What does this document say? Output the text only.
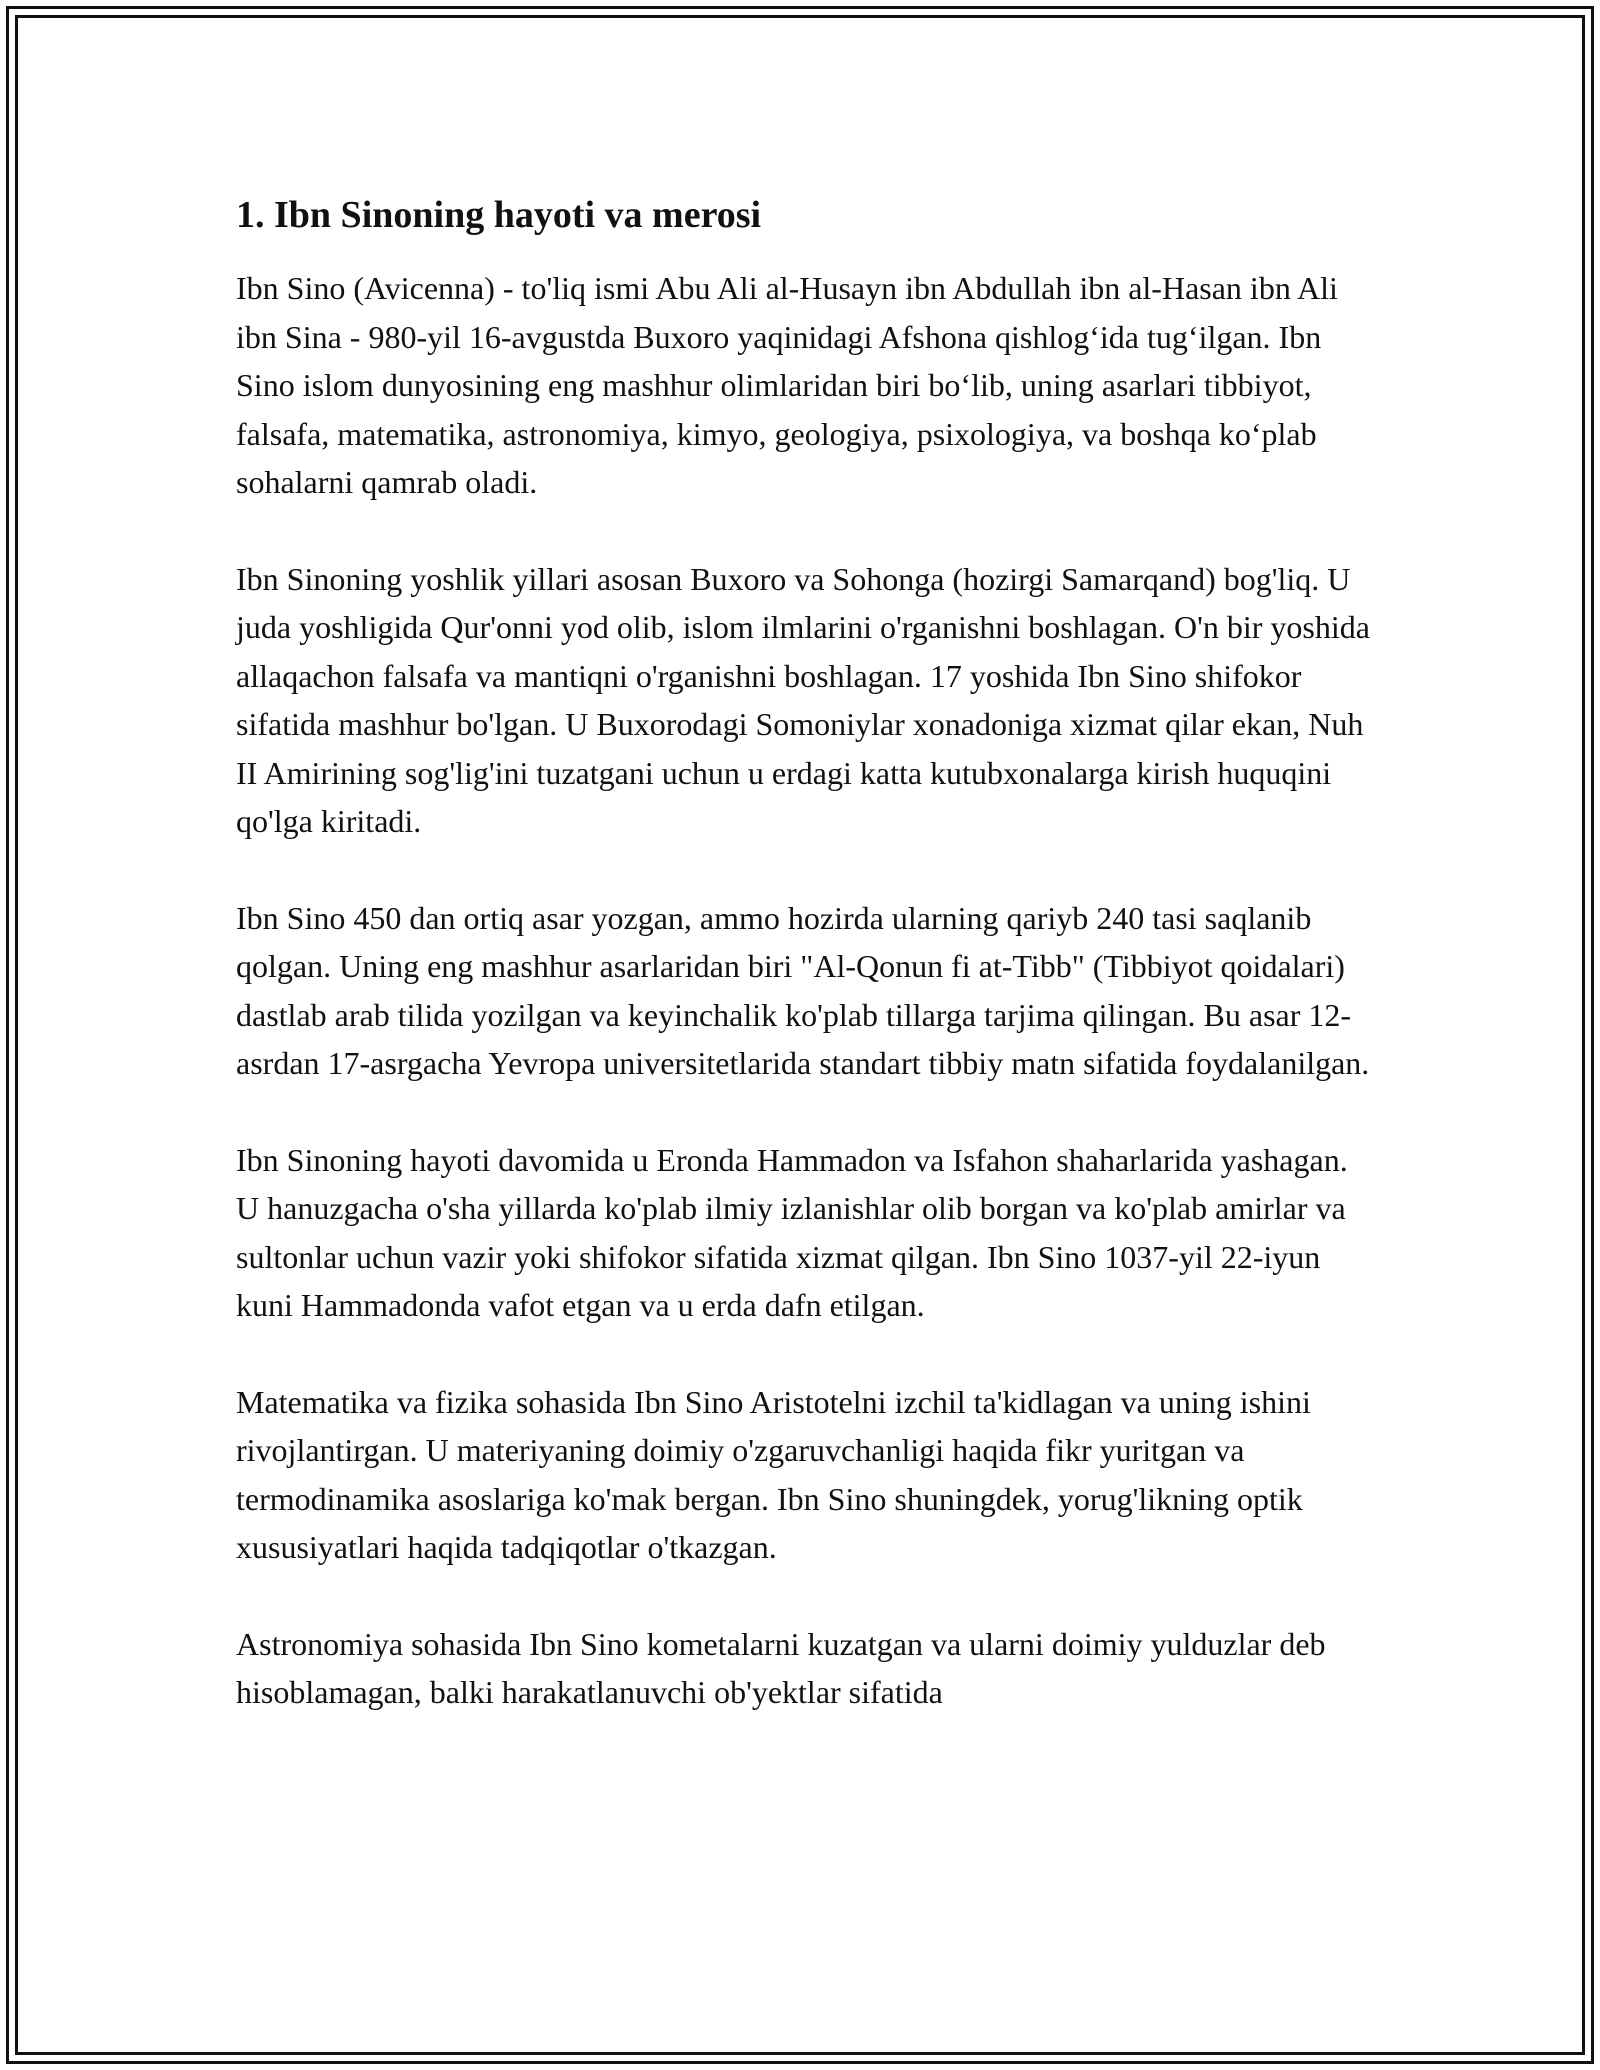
1. Ibn Sinoning hayoti va merosi

Ibn Sino (Avicenna) - to'liq ismi Abu Ali al-Husayn ibn Abdullah ibn al-Hasan ibn Ali ibn Sina - 980-yil 16-avgustda Buxoro yaqinidagi Afshona qishlog‘ida tug‘ilgan. Ibn Sino islom dunyosining eng mashhur olimlaridan biri bo‘lib, uning asarlari tibbiyot, falsafa, matematika, astronomiya, kimyo, geologiya, psixologiya, va boshqa ko‘plab sohalarni qamrab oladi.

Ibn Sinoning yoshlik yillari asosan Buxoro va Sohonga (hozirgi Samarqand) bog'liq. U juda yoshligida Qur'onni yod olib, islom ilmlarini o'rganishni boshlagan. O'n bir yoshida allaqachon falsafa va mantiqni o'rganishni boshlagan. 17 yoshida Ibn Sino shifokor sifatida mashhur bo'lgan. U Buxorodagi Somoniylar xonadoniga xizmat qilar ekan, Nuh II Amirining sog'lig'ini tuzatgani uchun u erdagi katta kutubxonalarga kirish huquqini qo'lga kiritadi.

Ibn Sino 450 dan ortiq asar yozgan, ammo hozirda ularning qariyb 240 tasi saqlanib qolgan. Uning eng mashhur asarlaridan biri "Al-Qonun fi at-Tibb" (Tibbiyot qoidalari) dastlab arab tilida yozilgan va keyinchalik ko'plab tillarga tarjima qilingan. Bu asar 12-asrdan 17-asrgacha Yevropa universitetlarida standart tibbiy matn sifatida foydalanilgan.

Ibn Sinoning hayoti davomida u Eronda Hammadon va Isfahon shaharlarida yashagan. U hanuzgacha o'sha yillarda ko'plab ilmiy izlanishlar olib borgan va ko'plab amirlar va sultonlar uchun vazir yoki shifokor sifatida xizmat qilgan. Ibn Sino 1037-yil 22-iyun kuni Hammadonda vafot etgan va u erda dafn etilgan.

Matematika va fizika sohasida Ibn Sino Aristotelni izchil ta'kidlagan va uning ishini rivojlantirgan. U materiyaning doimiy o'zgaruvchanligi haqida fikr yuritgan va termodinamika asoslariga ko'mak bergan. Ibn Sino shuningdek, yorug'likning optik xususiyatlari haqida tadqiqotlar o'tkazgan.

Astronomiya sohasida Ibn Sino kometalarni kuzatgan va ularni doimiy yulduzlar deb hisoblamagan, balki harakatlanuvchi ob'yektlar sifatida
